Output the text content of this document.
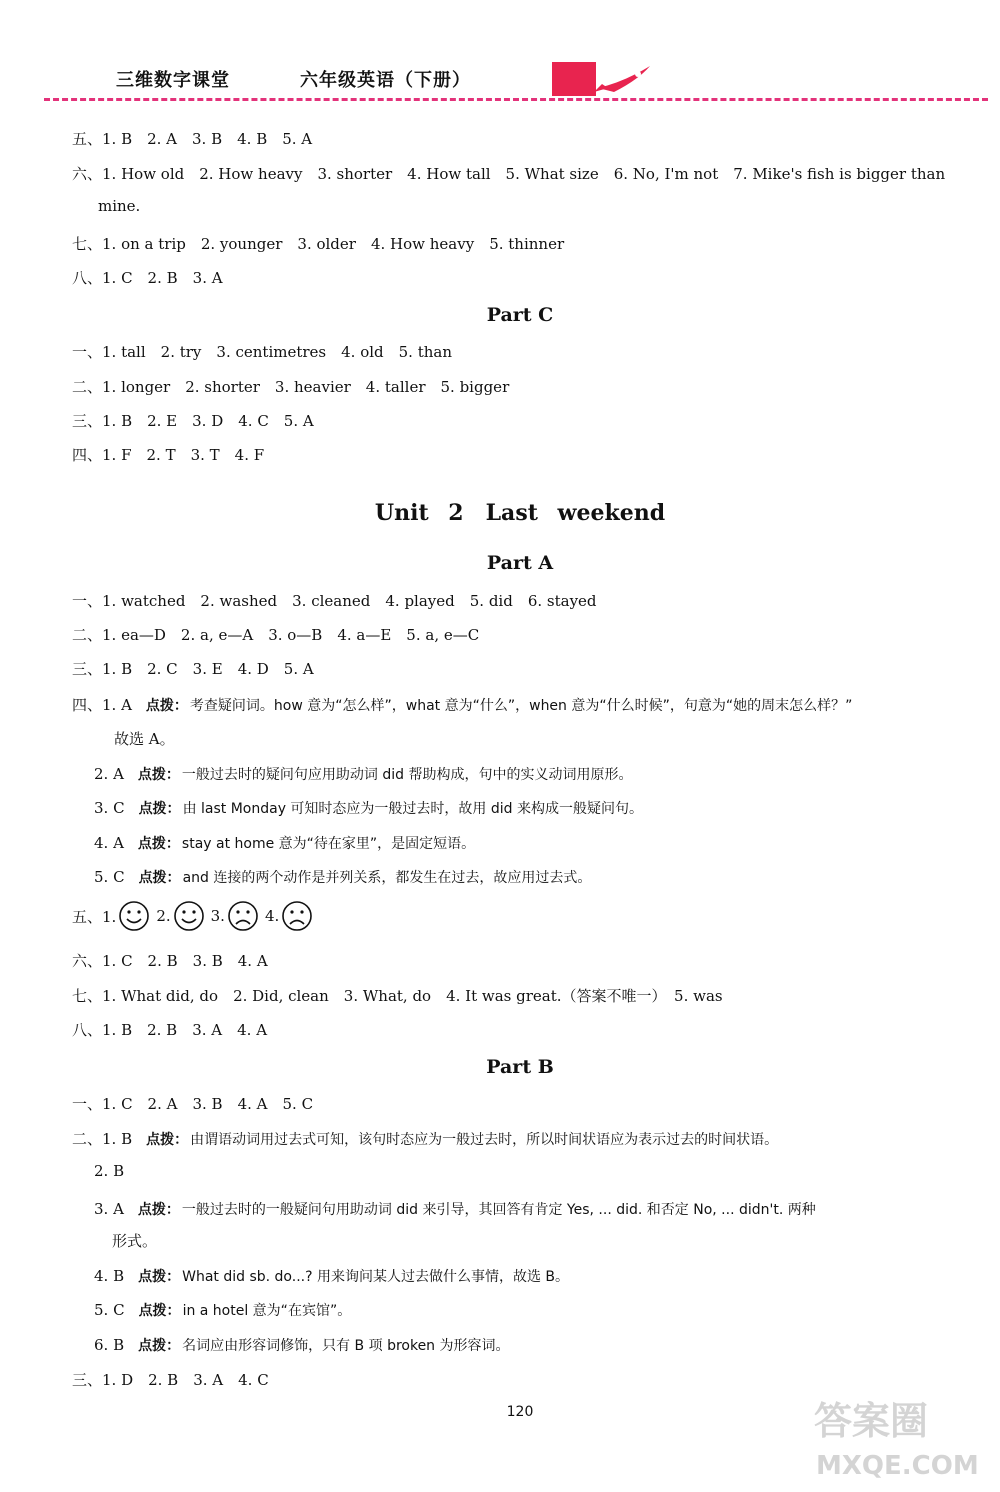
三维数字课堂	六年级英语（下册）
五、1. B　2. A　3. B　4. B　5. A
六、1. How old　2. How heavy　3. shorter　4. How tall　5. What size　6. No, I'm not　7. Mike's fish is bigger than
mine.
七、1. on a trip　2. younger　3. older　4. How heavy　5. thinner
八、1. C　2. B　3. A
Part C
一、1. tall　2. try　3. centimetres　4. old　5. than
二、1. longer　2. shorter　3. heavier　4. taller　5. bigger
三、1. B　2. E　3. D　4. C　5. A
四、1. F　2. T　3. T　4. F
Unit 2　Last weekend
Part A
一、1. watched　2. washed　3. cleaned　4. played　5. did　6. stayed
二、1. ea—D　2. a, e—A　3. o—B　4. a—E　5. a, e—C
三、1. B　2. C　3. E　4. D　5. A
四、1. A 点拨： 考查疑问词。how 意为“怎么样”，what 意为“什么”，when 意为“什么时候”，句意为“她的周末怎么样？”
故选 A。
2. A 点拨： 一般过去时的疑问句应用助动词 did 帮助构成，句中的实义动词用原形。
3. C 点拨： 由 last Monday 可知时态应为一般过去时，故用 did 来构成一般疑问句。
4. A 点拨： stay at home 意为“待在家里”，是固定短语。
5. C 点拨： and 连接的两个动作是并列关系，都发生在过去，故应用过去式。
五、1.	2.	3.	4.
六、1. C　2. B　3. B　4. A
七、1. What did, do　2. Did, clean　3. What, do　4. It was great.（答案不唯一）　5. was
八、1. B　2. B　3. A　4. A
Part B
一、1. C　2. A　3. B　4. A　5. C
二、1. B 点拨： 由谓语动词用过去式可知，该句时态应为一般过去时，所以时间状语应为表示过去的时间状语。
2. B
3. A 点拨： 一般过去时的一般疑问句用助动词 did 来引导，其回答有肯定 Yes, ... did. 和否定 No, ... didn't. 两种
形式。
4. B 点拨： What did sb. do...? 用来询问某人过去做什么事情，故选 B。
5. C 点拨： in a hotel 意为“在宾馆”。
6. B 点拨： 名词应由形容词修饰，只有 B 项 broken 为形容词。
三、1. D　2. B　3. A　4. C
120	答案圈
MXQE.COM
